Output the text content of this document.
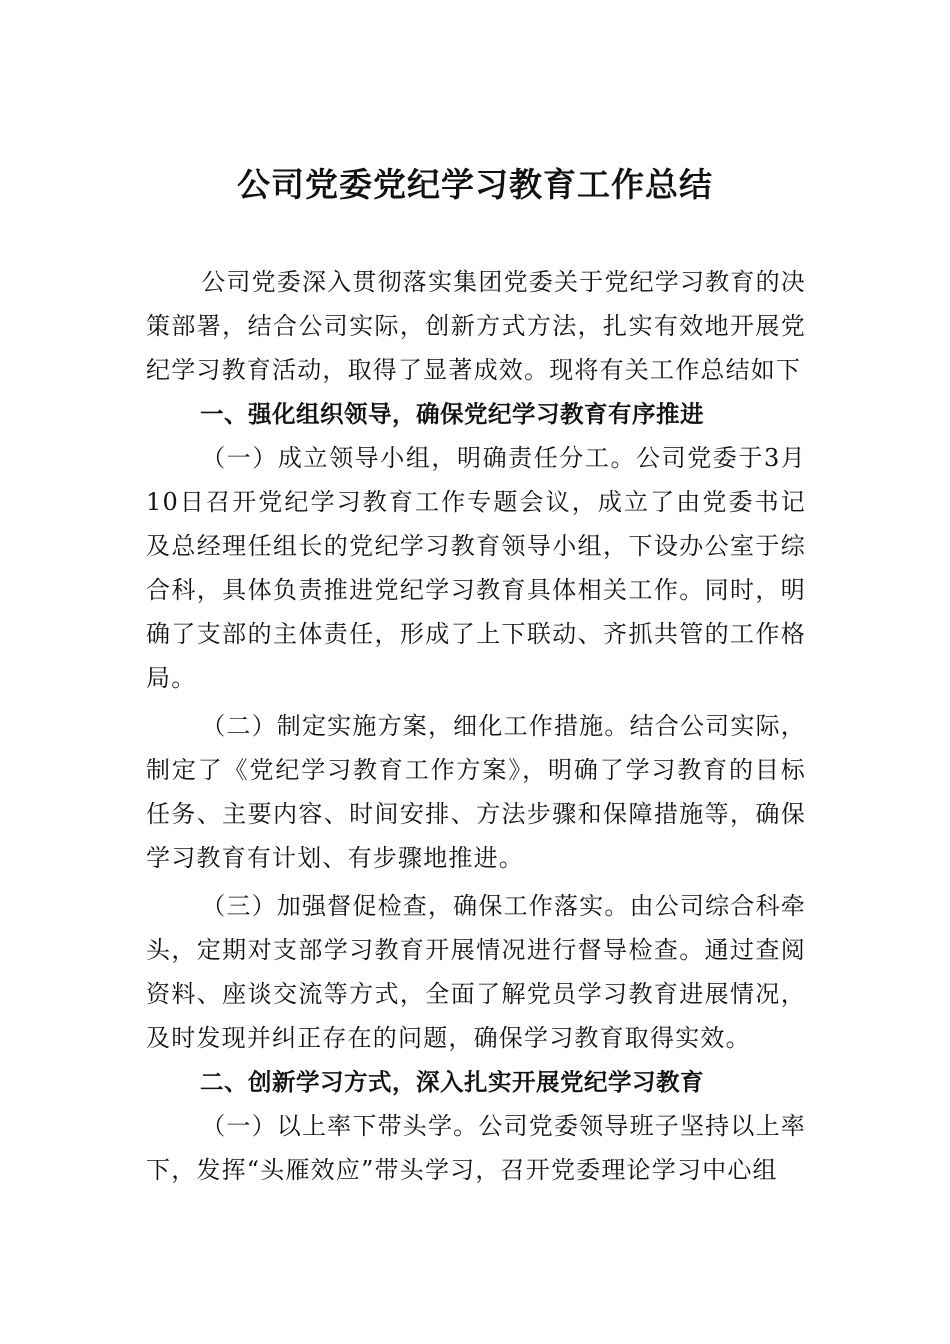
公司党委党纪学习教育工作总结

公司党委深入贯彻落实集团党委关于党纪学习教育的决策部署，结合公司实际，创新方式方法，扎实有效地开展党纪学习教育活动，取得了显著成效。现将有关工作总结如下

一、强化组织领导，确保党纪学习教育有序推进

（一）成立领导小组，明确责任分工。公司党委于3月10日召开党纪学习教育工作专题会议，成立了由党委书记及总经理任组长的党纪学习教育领导小组，下设办公室于综合科，具体负责推进党纪学习教育具体相关工作。同时，明确了支部的主体责任，形成了上下联动、齐抓共管的工作格局。

（二）制定实施方案，细化工作措施。结合公司实际，制定了《党纪学习教育工作方案》，明确了学习教育的目标任务、主要内容、时间安排、方法步骤和保障措施等，确保学习教育有计划、有步骤地推进。

（三）加强督促检查，确保工作落实。由公司综合科牵头，定期对支部学习教育开展情况进行督导检查。通过查阅资料、座谈交流等方式，全面了解党员学习教育进展情况，及时发现并纠正存在的问题，确保学习教育取得实效。

二、创新学习方式，深入扎实开展党纪学习教育

（一）以上率下带头学。公司党委领导班子坚持以上率下，发挥“头雁效应”带头学习，召开党委理论学习中心组
